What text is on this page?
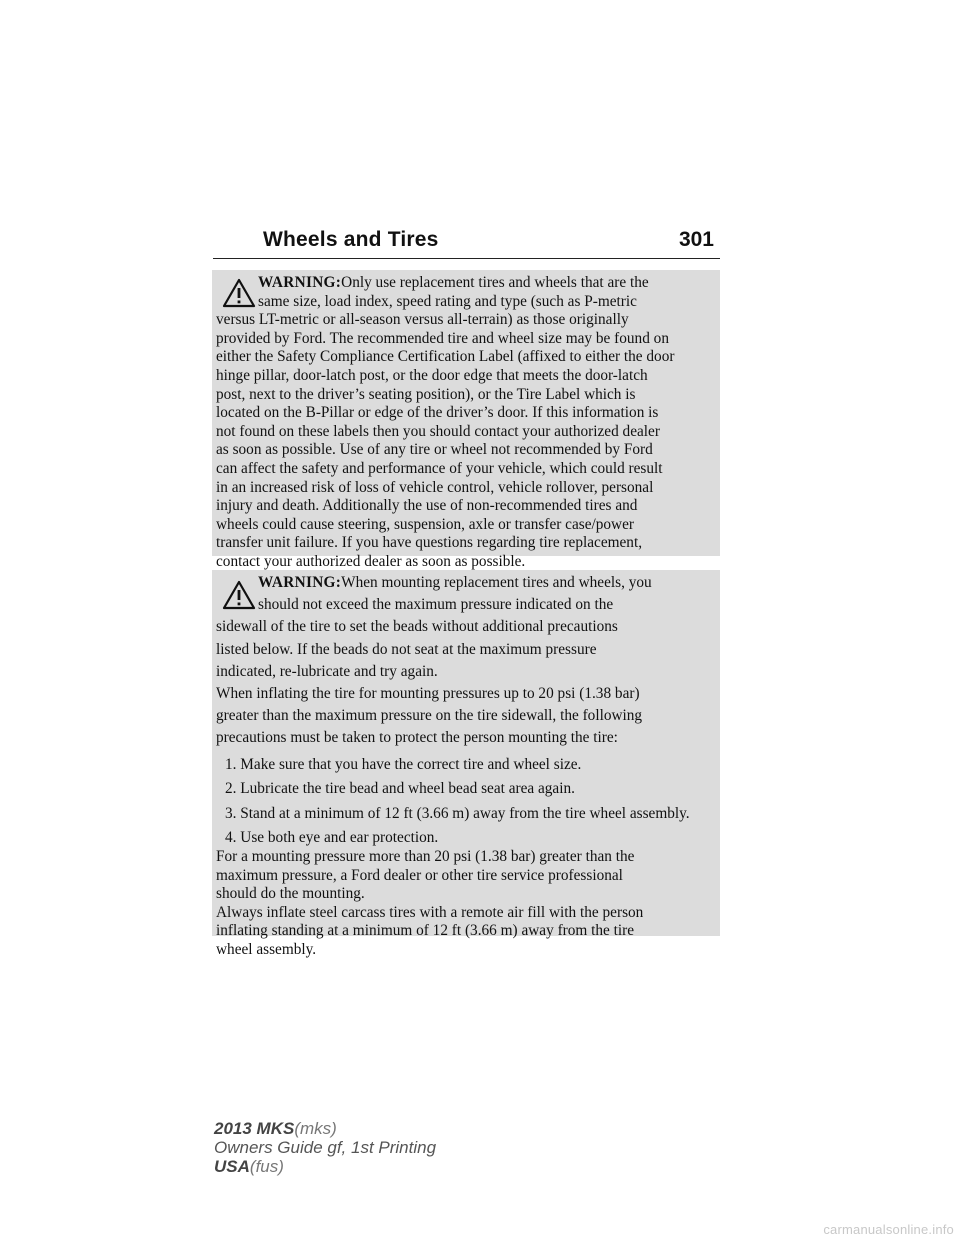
Wheels and Tires	301
WARNING:Only use replacement tires and wheels that are the
same size, load index, speed rating and type (such as P-metric
versus LT-metric or all-season versus all-terrain) as those originally
provided by Ford. The recommended tire and wheel size may be found on
either the Safety Compliance Certification Label (affixed to either the door
hinge pillar, door-latch post, or the door edge that meets the door-latch
post, next to the driver’s seating position), or the Tire Label which is
located on the B-Pillar or edge of the driver’s door. If this information is
not found on these labels then you should contact your authorized dealer
as soon as possible. Use of any tire or wheel not recommended by Ford
can affect the safety and performance of your vehicle, which could result
in an increased risk of loss of vehicle control, vehicle rollover, personal
injury and death. Additionally the use of non-recommended tires and
wheels could cause steering, suspension, axle or transfer case/power
transfer unit failure. If you have questions regarding tire replacement,
contact your authorized dealer as soon as possible.
WARNING:When mounting replacement tires and wheels, you
should not exceed the maximum pressure indicated on the
sidewall of the tire to set the beads without additional precautions
listed below. If the beads do not seat at the maximum pressure
indicated, re-lubricate and try again.
When inflating the tire for mounting pressures up to 20 psi (1.38 bar)
greater than the maximum pressure on the tire sidewall, the following
precautions must be taken to protect the person mounting the tire:
1. Make sure that you have the correct tire and wheel size.
2. Lubricate the tire bead and wheel bead seat area again.
3. Stand at a minimum of 12 ft (3.66 m) away from the tire wheel assembly.
4. Use both eye and ear protection.
For a mounting pressure more than 20 psi (1.38 bar) greater than the
maximum pressure, a Ford dealer or other tire service professional
should do the mounting.
Always inflate steel carcass tires with a remote air fill with the person
inflating standing at a minimum of 12 ft (3.66 m) away from the tire
wheel assembly.
2013 MKS(mks)
Owners Guide gf, 1st Printing
USA(fus)
carmanualsonline.info
